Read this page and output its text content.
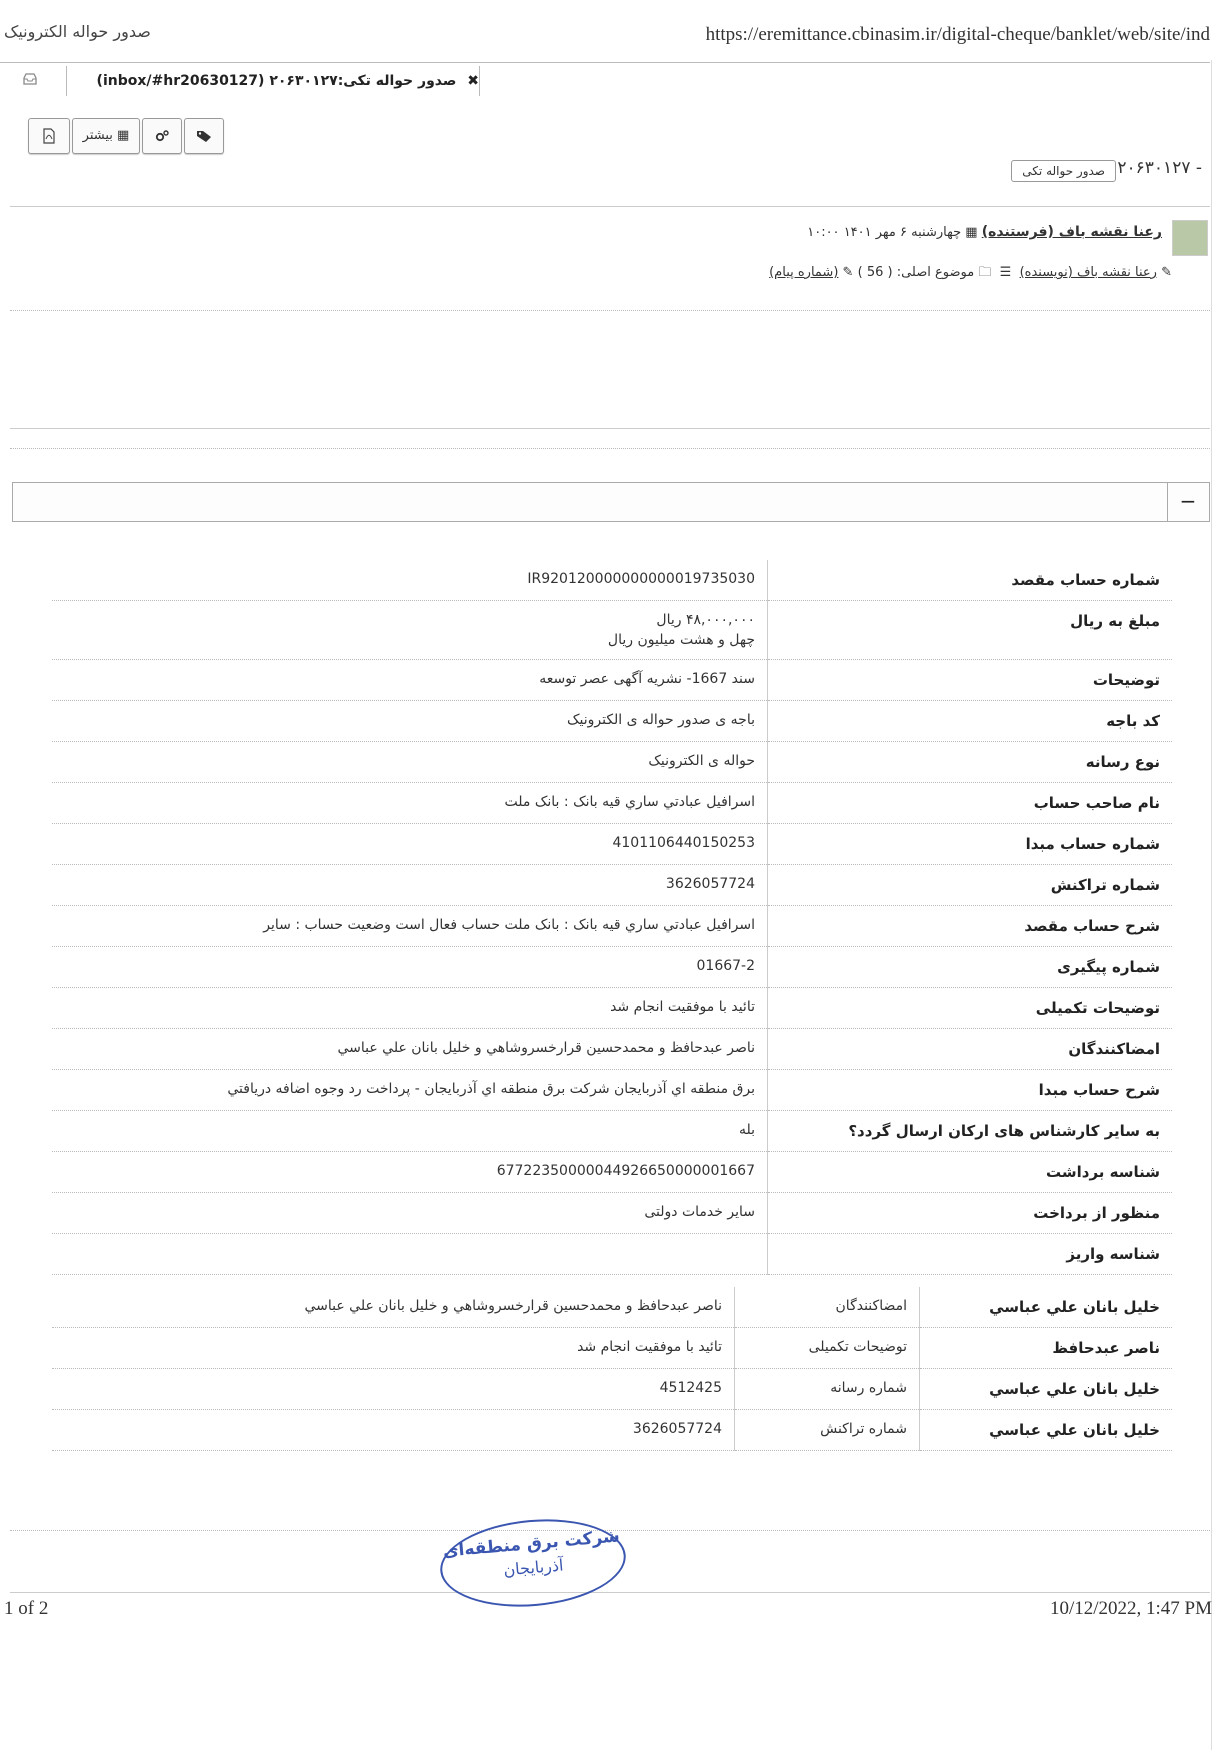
صدور حواله الکترونیک	https://eremittance.cbinasim.ir/digital-cheque/banklet/web/site/ind
✖ صدور حواله تکی:۲۰۶۳۰۱۲۷ (inbox/#hr20630127)
▦ بیشتر
۲۰۶۳۰۱۲۷ -
صدور حواله تکی
رعنا نقشه باف (فرستنده) ▦ چهارشنبه ۶ مهر ۱۴۰۱ ۱۰:۰۰
✎ رعنا نقشه باف (نویسنده)  ☰  🗀 موضوع اصلی: ( 56 ) ✎ (شماره پیام)
−
شماره حساب مقصد	IR920120000000000019735030

مبلغ به ریال	۴۸,۰۰۰,۰۰۰ ریال
چهل و هشت میلیون ریال

توضیحات	سند 1667- نشریه آگهی عصر توسعه

کد باجه	باجه ی صدور حواله ی الکترونیک

نوع رسانه	حواله ی الکترونیک

نام صاحب حساب	اسرافيل عبادتي ساري قيه بانک : بانک ملت

شماره حساب مبدا	4101106440150253

شماره تراکنش	3626057724

شرح حساب مقصد	اسرافيل عبادتي ساري قيه بانک : بانک ملت حساب فعال است وضعیت حساب : سایر

شماره پیگیری	01667-2

توضیحات تکمیلی	تائید با موفقیت انجام شد

امضاکنندگان	ناصر عبدحافظ و محمدحسين قرارخسروشاهي و خليل بانان علي عباسي

شرح حساب مبدا	برق منطقه اي آذربايجان شرکت برق منطقه اي آذربايجان - پرداخت رد وجوه اضافه دريافتي

به سایر کارشناس های ارکان ارسال گردد؟	بله

شناسه برداشت	67722350000044926650000001667

منظور از برداخت	سایر خدمات دولتی

شناسه واریز	
خليل بانان علي عباسي	امضاکنندگان	ناصر عبدحافظ و محمدحسين قرارخسروشاهي و خليل بانان علي عباسي
ناصر عبدحافظ	توضیحات تکمیلی	تائید با موفقیت انجام شد
خليل بانان علي عباسي	شماره رسانه	4512425
خليل بانان علي عباسي	شماره تراکنش	3626057724
شرکت برق منطقه‌ای
آذربایجان
1 of 2	10/12/2022, 1:47 PM
